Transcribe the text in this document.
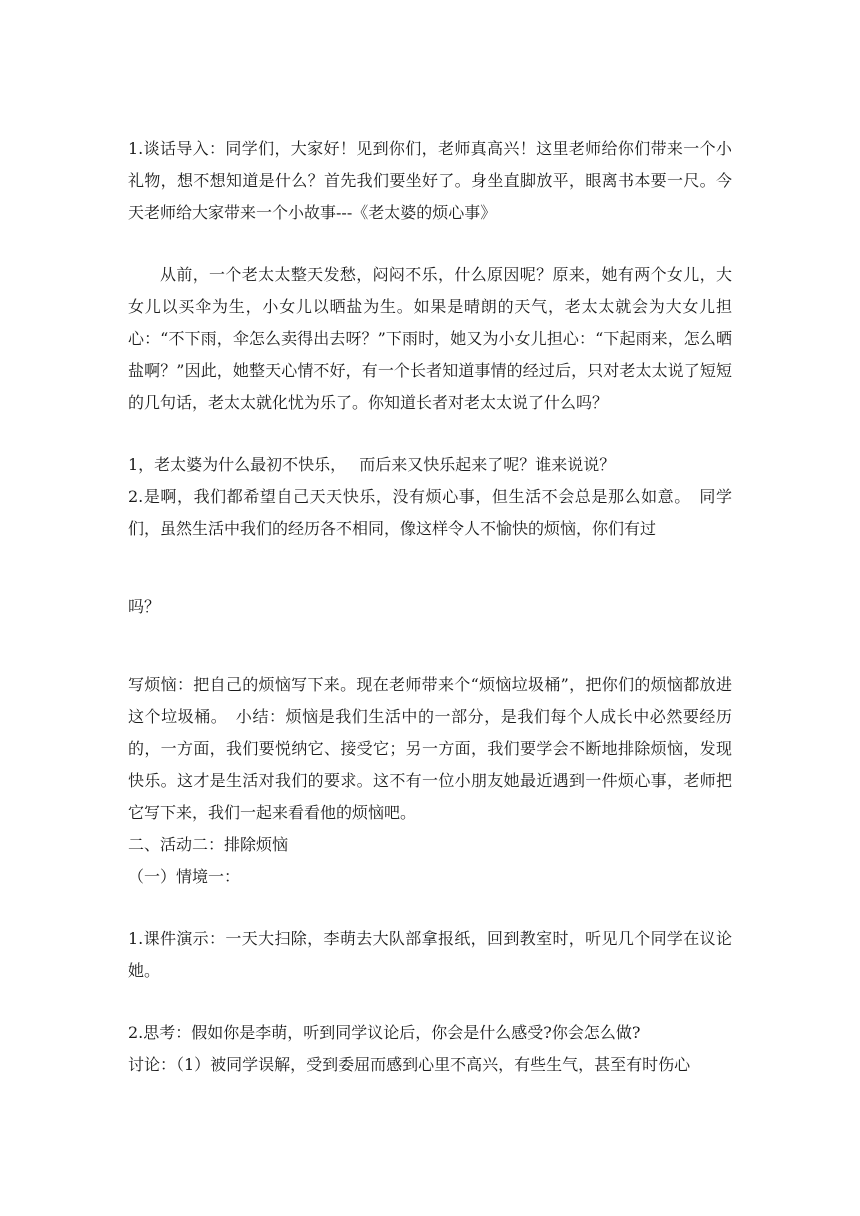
1.谈话导入：同学们，大家好！见到你们，老师真高兴！这里老师给你们带来一个小礼物，想不想知道是什么？首先我们要坐好了。身坐直脚放平，眼离书本要一尺。今天老师给大家带来一个小故事---《老太婆的烦心事》

从前，一个老太太整天发愁，闷闷不乐，什么原因呢？原来，她有两个女儿，大女儿以买伞为生，小女儿以晒盐为生。如果是晴朗的天气，老太太就会为大女儿担心：“不下雨，伞怎么卖得出去呀？”下雨时，她又为小女儿担心：“下起雨来，怎么晒盐啊？”因此，她整天心情不好，有一个长者知道事情的经过后，只对老太太说了短短的几句话，老太太就化忧为乐了。你知道长者对老太太说了什么吗？

1，老太婆为什么最初不快乐，　 而后来又快乐起来了呢？谁来说说？

2.是啊，我们都希望自己天天快乐，没有烦心事，但生活不会总是那么如意。　同学们，虽然生活中我们的经历各不相同，像这样令人不愉快的烦恼，你们有过

吗？

写烦恼：把自己的烦恼写下来。现在老师带来个“烦恼垃圾桶”，把你们的烦恼都放进这个垃圾桶。　小结：烦恼是我们生活中的一部分，是我们每个人成长中必然要经历的，一方面，我们要悦纳它、接受它；另一方面，我们要学会不断地排除烦恼，发现快乐。这才是生活对我们的要求。这不有一位小朋友她最近遇到一件烦心事，老师把它写下来，我们一起来看看他的烦恼吧。

二、活动二：排除烦恼

（一）情境一：

1.课件演示：一天大扫除，李萌去大队部拿报纸，回到教室时，听见几个同学在议论她。

2.思考：假如你是李萌，听到同学议论后，你会是什么感受?你会怎么做?

讨论：（1）被同学误解，受到委屈而感到心里不高兴，有些生气，甚至有时伤心
